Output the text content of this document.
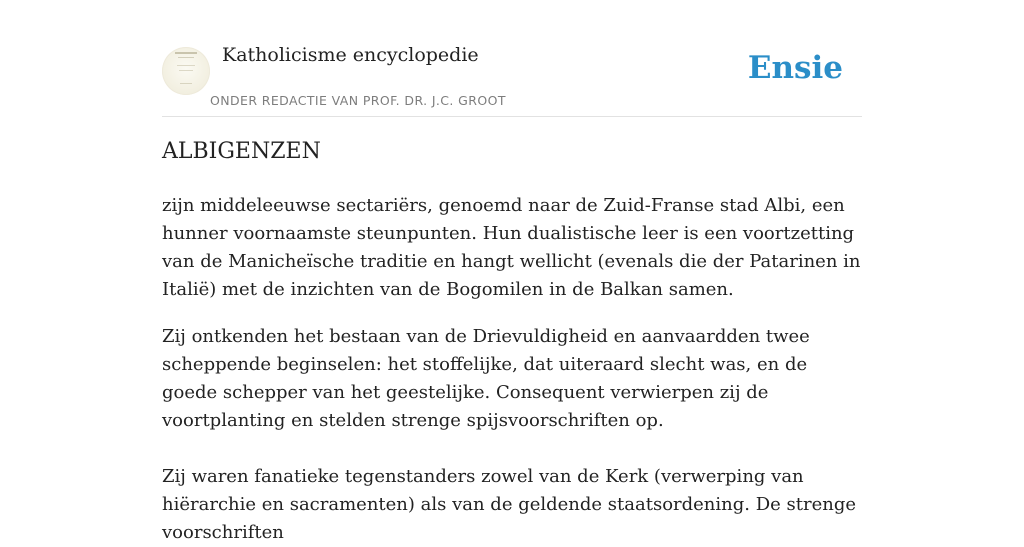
Katholicisme encyclopedie
ONDER REDACTIE VAN PROF. DR. J.C. GROOT
Ensie
ALBIGENZEN

zijn middeleeuwse sectariërs, genoemd naar de Zuid-Franse stad Albi, een hunner voornaamste steunpunten. Hun dualistische leer is een voortzetting van de Manicheïsche traditie en hangt wellicht (evenals die der Patarinen in Italië) met de inzichten van de Bogomilen in de Balkan samen.

Zij ontkenden het bestaan van de Drievuldigheid en aanvaardden twee scheppende beginselen: het stoffelijke, dat uiteraard slecht was, en de goede schepper van het geestelijke. Consequent verwierpen zij de voortplanting en stelden strenge spijsvoorschriften op.

Zij waren fanatieke tegenstanders zowel van de Kerk (verwerping van hiërarchie en sacramenten) als van de geldende staatsordening. De strenge voorschriften
